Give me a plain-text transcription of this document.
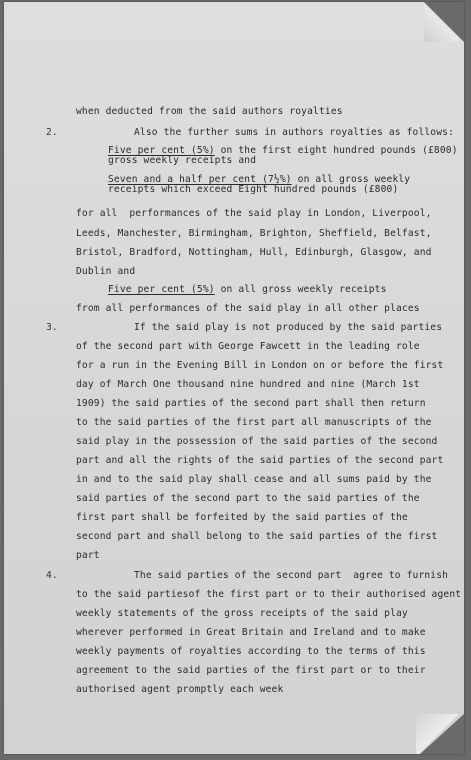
when deducted from the said authors royalties
2.	Also the further sums in authors royalties as follows:
Five per cent (5%) on the first eight hundred pounds (£800)
gross weekly receipts and
Seven and a half per cent (7½%) on all gross weekly
receipts which exceed Eight hundred pounds (£800)
for all  performances of the said play in London, Liverpool,
Leeds, Manchester, Birmingham, Brighton, Sheffield, Belfast,
Bristol, Bradford, Nottingham, Hull, Edinburgh, Glasgow, and
Dublin and
Five per cent (5%) on all gross weekly receipts
from all performances of the said play in all other places
3.	If the said play is not produced by the said parties
of the second part with George Fawcett in the leading role
for a run in the Evening Bill in London on or before the first
day of March One thousand nine hundred and nine (March 1st
1909) the said parties of the second part shall then return
to the said parties of the first part all manuscripts of the
said play in the possession of the said parties of the second
part and all the rights of the said parties of the second part
in and to the said play shall cease and all sums paid by the
said parties of the second part to the said parties of the
first part shall be forfeited by the said parties of the
second part and shall belong to the said parties of the first
part
4.	The said parties of the second part  agree to furnish
to the said partiesof the first part or to their authorised agent
weekly statements of the gross receipts of the said play
wherever performed in Great Britain and Ireland and to make
weekly payments of royalties according to the terms of this
agreement to the said parties of the first part or to their
authorised agent promptly each week
